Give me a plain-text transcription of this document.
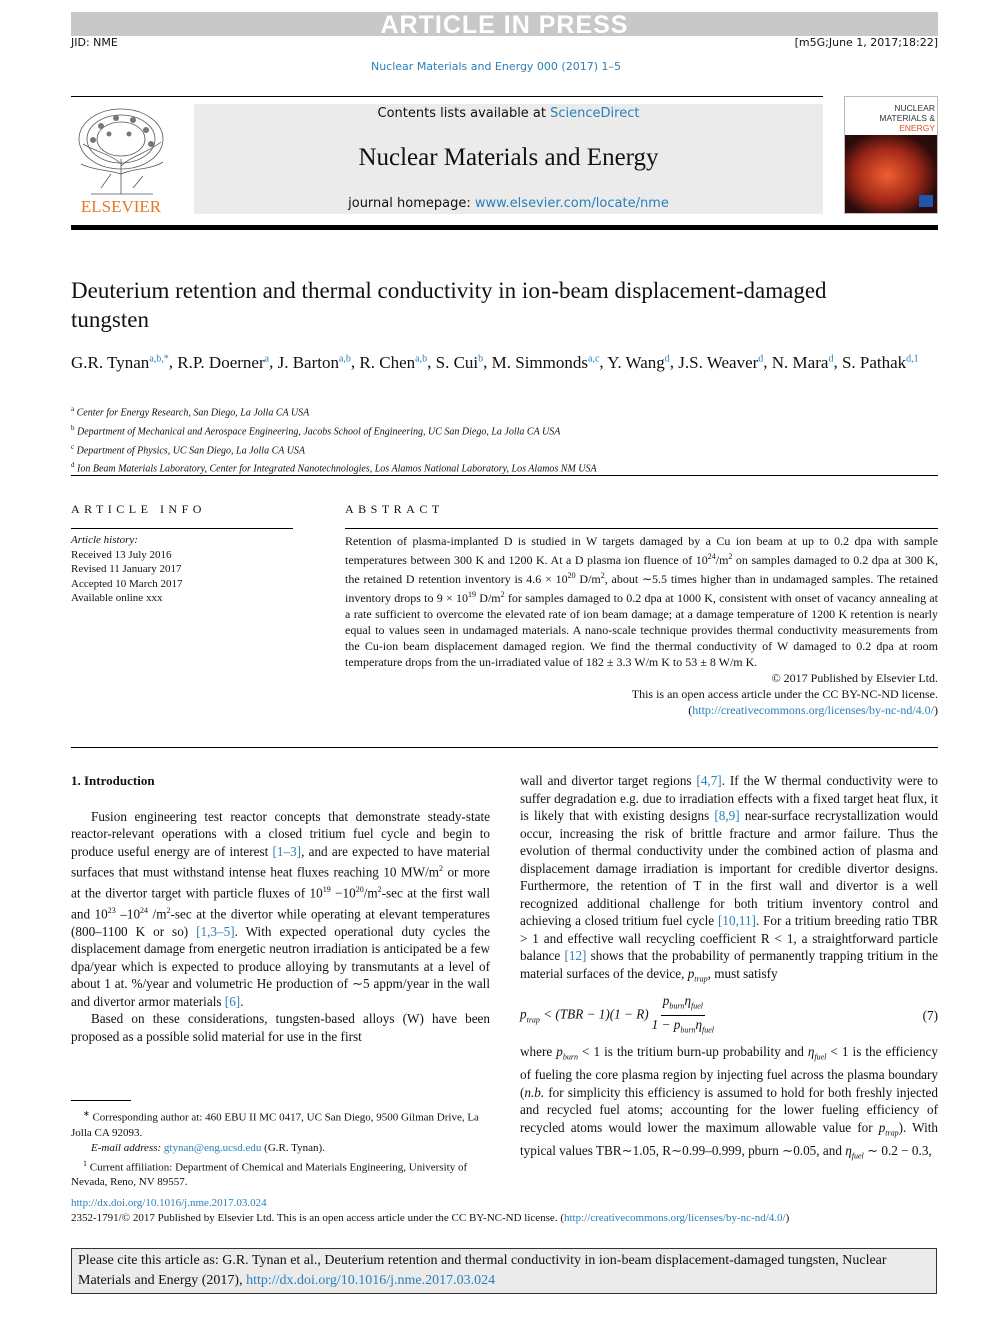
ARTICLE IN PRESS
JID: NME	[m5G;June 1, 2017;18:22]
Nuclear Materials and Energy 000 (2017) 1–5
ELSEVIER
Contents lists available at ScienceDirect
Nuclear Materials and Energy
journal homepage: www.elsevier.com/locate/nme
NUCLEAR
MATERIALS &
ENERGY
Deuterium retention and thermal conductivity in ion-beam displacement-damaged tungsten
G.R. Tynan$^{a,b,*}$, R.P. Doerner$^a$, J. Barton$^{a,b}$, R. Chen$^{a,b}$, S. Cui$^b$, M. Simmonds$^{a,c}$, Y. Wang$^d$, J.S. Weaver$^d$, N. Mara$^d$, S. Pathak$^{d,1}$
$^a$ Center for Energy Research, San Diego, La Jolla CA USA
$^b$ Department of Mechanical and Aerospace Engineering, Jacobs School of Engineering, UC San Diego, La Jolla CA USA
$^c$ Department of Physics, UC San Diego, La Jolla CA USA
$^d$ Ion Beam Materials Laboratory, Center for Integrated Nanotechnologies, Los Alamos National Laboratory, Los Alamos NM USA
ARTICLE INFO	ABSTRACT
Article history:
Received 13 July 2016
Revised 11 January 2017
Accepted 10 March 2017
Available online xxx

Retention of plasma-implanted D is studied in W targets damaged by a Cu ion beam at up to 0.2 dpa with sample temperatures between 300 K and 1200 K. At a D plasma ion fluence of $10^{24}/m^2$ on samples damaged to 0.2 dpa at 300 K, the retained D retention inventory is $4.6 \times 10^{20}$ $D/m^2$, about ∼5.5 times higher than in undamaged samples. The retained inventory drops to $9 \times 10^{19}$ $D/m^2$ for samples damaged to 0.2 dpa at 1000 K, consistent with onset of vacancy annealing at a rate sufficient to overcome the elevated rate of ion beam damage; at a damage temperature of 1200 K retention is nearly equal to values seen in undamaged materials. A nano-scale technique provides thermal conductivity measurements from the Cu-ion beam displacement damaged region. We find the thermal conductivity of W damaged to 0.2 dpa at room temperature drops from the un-irradiated value of 182 ± 3.3 W/m K to 53 ± 8 W/m K.

© 2017 Published by Elsevier Ltd.

This is an open access article under the CC BY-NC-ND license.

(http://creativecommons.org/licenses/by-nc-nd/4.0/)

1. Introduction

Fusion engineering test reactor concepts that demonstrate steady-state reactor-relevant operations with a closed tritium fuel cycle and begin to produce useful energy are of interest [1–3], and are expected to have material surfaces that must withstand intense heat fluxes reaching 10 $MW/m^2$ or more at the divertor target with particle fluxes of $10^{19} -10^{20}/m^2-\sec$ at the first wall and $10^{23}$ $-10^{24}$ $/m^2-\sec$ at the divertor while operating at elevant temperatures (800–1100 K or so) [1,3–5]. With expected operational duty cycles the displacement damage from energetic neutron irradiation is anticipated be a few dpa/year which is expected to produce alloying by transmutants at a level of about 1 at. %/year and volumetric He production of ∼5 appm/year in the wall and divertor armor materials [6].

Based on these considerations, tungsten-based alloys (W) have been proposed as a possible solid material for use in the first

∗ Corresponding author at: 460 EBU II MC 0417, UC San Diego, 9500 Gilman Drive, La Jolla CA 92093.

E-mail address: gtynan@eng.ucsd.edu (G.R. Tynan).

$^1$ Current affiliation: Department of Chemical and Materials Engineering, University of Nevada, Reno, NV 89557.

wall and divertor target regions [4,7]. If the W thermal conductivity were to suffer degradation e.g. due to irradiation effects with a fixed target heat flux, it is likely that with existing designs [8,9] near-surface recrystallization would occur, increasing the risk of brittle fracture and armor failure. Thus the evolution of thermal conductivity under the combined action of plasma and displacement damage irradiation is important for credible divertor designs. Furthermore, the retention of T in the first wall and divertor is a well recognized additional challenge for both tritium inventory control and achieving a closed tritium fuel cycle [10,11]. For a tritium breeding ratio TBR > 1 and effective wall recycling coefficient R < 1, a straightforward particle balance [12] shows that the probability of permanently trapping tritium in the material surfaces of the device, $p_{trap}$, must satisfy

$p_{trap} < (TBR - 1)(1 - R) \frac{p_{burn}\eta_{fuel}}{1 - p_{burn}\eta_{fuel}}$	(7)

where $p_{burn} < 1$ is the tritium burn-up probability and $\eta_{fuel} < 1$ is the efficiency of fueling the core plasma region by injecting fuel across the plasma boundary (n.b. for simplicity this efficiency is assumed to hold for both freshly injected and recycled fuel atoms; accounting for the lower fueling efficiency of recycled atoms would lower the maximum allowable value for $p_{trap}$). With typical values TBR∼1.05, R∼0.99–0.999, pburn ∼0.05, and $\eta_{fuel}$ ∼ 0.2 − 0.3,

http://dx.doi.org/10.1016/j.nme.2017.03.024
2352-1791/© 2017 Published by Elsevier Ltd. This is an open access article under the CC BY-NC-ND license. (http://creativecommons.org/licenses/by-nc-nd/4.0/)
Please cite this article as: G.R. Tynan et al., Deuterium retention and thermal conductivity in ion-beam displacement-damaged tungsten, Nuclear Materials and Energy (2017), http://dx.doi.org/10.1016/j.nme.2017.03.024
